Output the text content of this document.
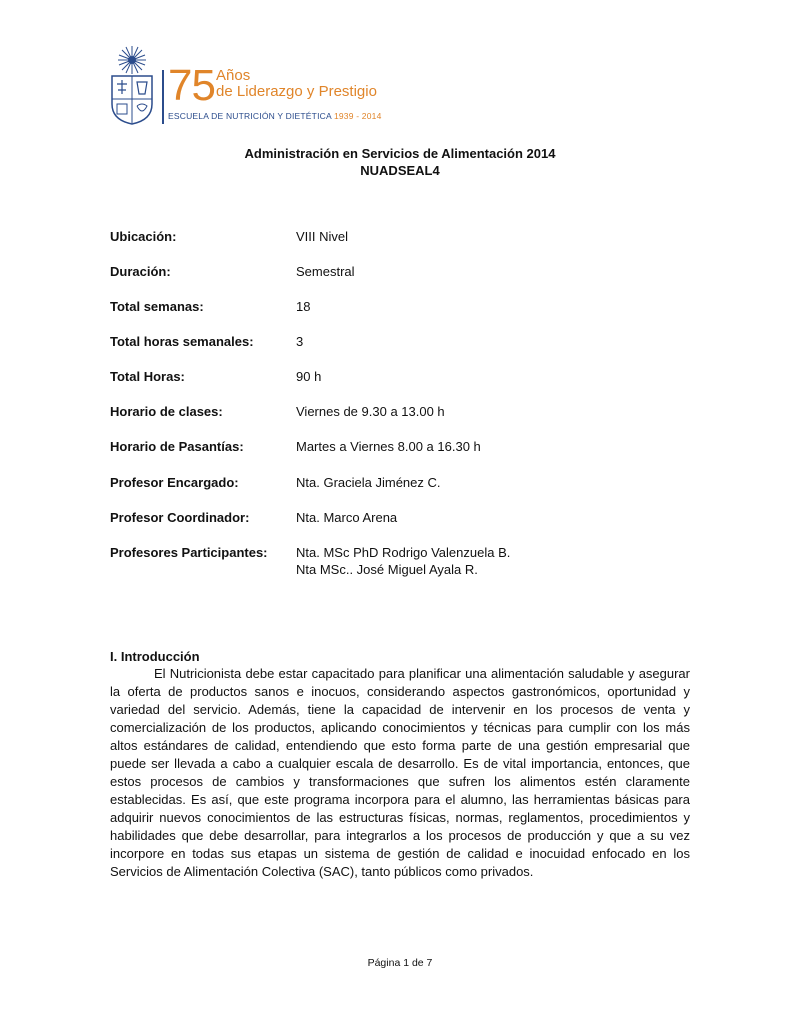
75 Años
de Liderazgo y Prestigio
ESCUELA DE NUTRICIÓN Y DIETÉTICA 1939 - 2014
Administración en Servicios de Alimentación 2014
NUADSEAL4
Ubicación:	VIII Nivel
Duración:	Semestral
Total semanas:	18
Total horas semanales:	3
Total Horas:	90 h
Horario de clases:	Viernes de 9.30 a 13.00 h
Horario de Pasantías:	Martes a Viernes 8.00 a 16.30 h
Profesor Encargado:	Nta. Graciela Jiménez C.
Profesor Coordinador:	Nta. Marco Arena
Profesores Participantes: Nta. MSc PhD Rodrigo Valenzuela B.
Nta MSc.. José Miguel Ayala R.
I. Introducción

El Nutricionista debe estar capacitado para planificar una alimentación saludable y asegurar la oferta de productos sanos e inocuos, considerando aspectos gastronómicos, oportunidad y variedad del servicio. Además, tiene la capacidad de intervenir en los procesos de venta y comercialización de los productos, aplicando conocimientos y técnicas para cumplir con los más altos estándares de calidad, entendiendo que esto forma parte de una gestión empresarial que puede ser llevada a cabo a cualquier escala de desarrollo. Es de vital importancia, entonces, que estos procesos de cambios y transformaciones que sufren los alimentos estén claramente establecidas. Es así, que este programa incorpora para el alumno, las herramientas básicas para adquirir nuevos conocimientos de las estructuras físicas, normas, reglamentos, procedimientos y habilidades que debe desarrollar, para integrarlos a los procesos de producción y que a su vez incorpore en todas sus etapas un sistema de gestión de calidad e inocuidad enfocado en los Servicios de Alimentación Colectiva (SAC), tanto públicos como privados.

Página 1 de 7
